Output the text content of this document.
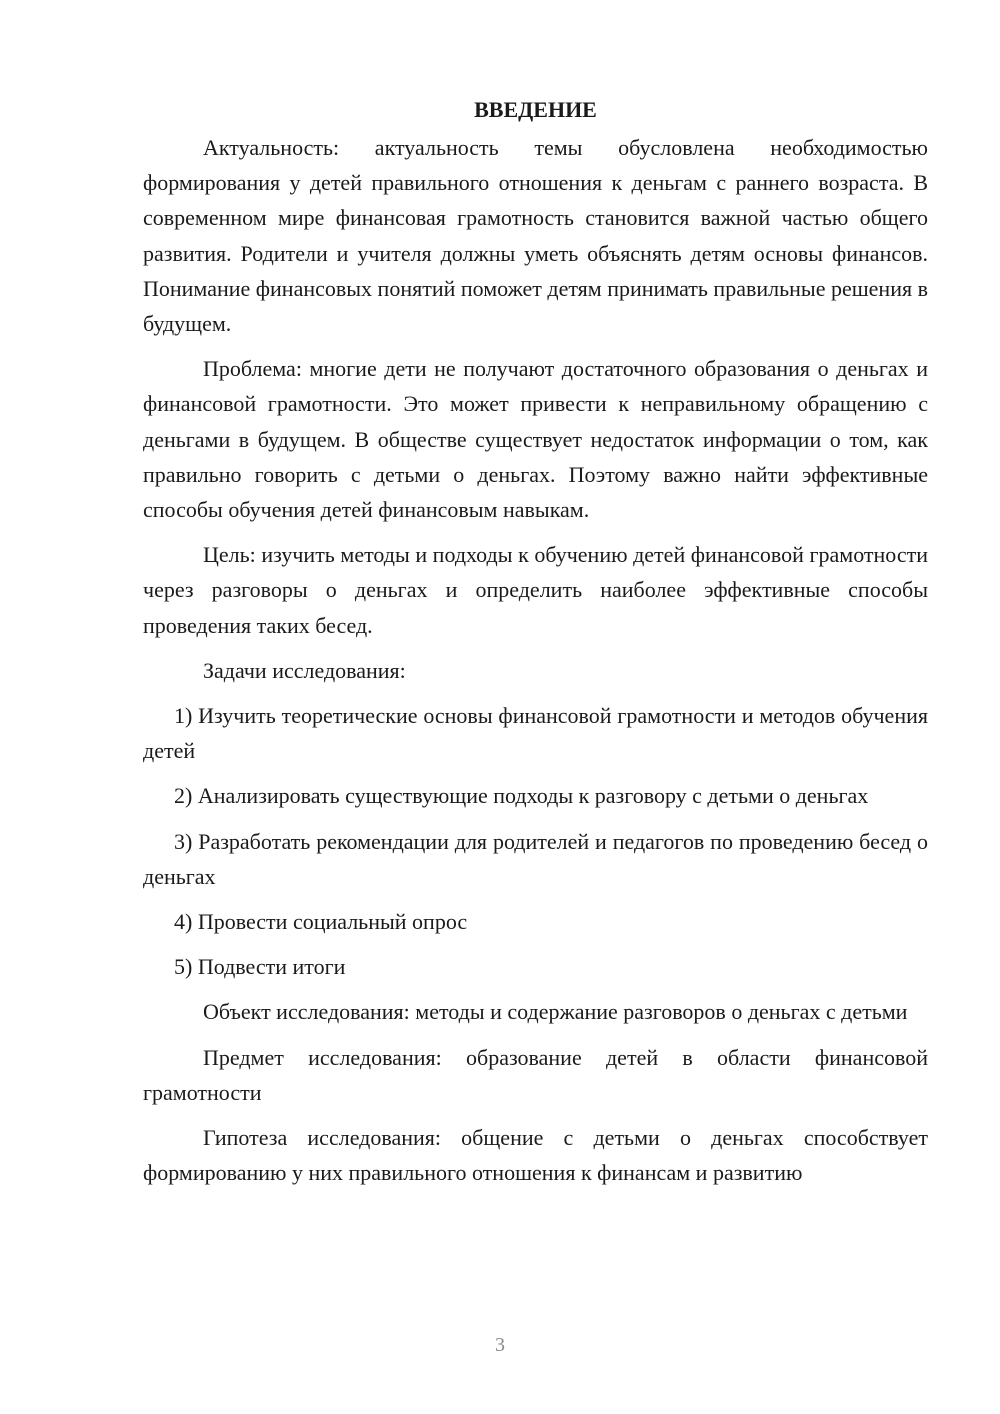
ВВЕДЕНИЕ

Актуальность: актуальность темы обусловлена необходимостью формирования у детей правильного отношения к деньгам с раннего возраста. В современном мире финансовая грамотность становится важной частью общего развития. Родители и учителя должны уметь объяснять детям основы финансов. Понимание финансовых понятий поможет детям принимать правильные решения в будущем.

Проблема: многие дети не получают достаточного образования о деньгах и финансовой грамотности. Это может привести к неправильному обращению с деньгами в будущем. В обществе существует недостаток информации о том, как правильно говорить с детьми о деньгах. Поэтому важно найти эффективные способы обучения детей финансовым навыкам.

Цель: изучить методы и подходы к обучению детей финансовой грамотности через разговоры о деньгах и определить наиболее эффективные способы проведения таких бесед.

Задачи исследования:

1) Изучить теоретические основы финансовой грамотности и методов обучения детей

2) Анализировать существующие подходы к разговору с детьми о деньгах

3) Разработать рекомендации для родителей и педагогов по проведению бесед о деньгах

4) Провести социальный опрос

5) Подвести итоги

Объект исследования: методы и содержание разговоров о деньгах с детьми

Предмет исследования: образование детей в области финансовой грамотности

Гипотеза исследования: общение с детьми о деньгах способствует формированию у них правильного отношения к финансам и развитию

3
